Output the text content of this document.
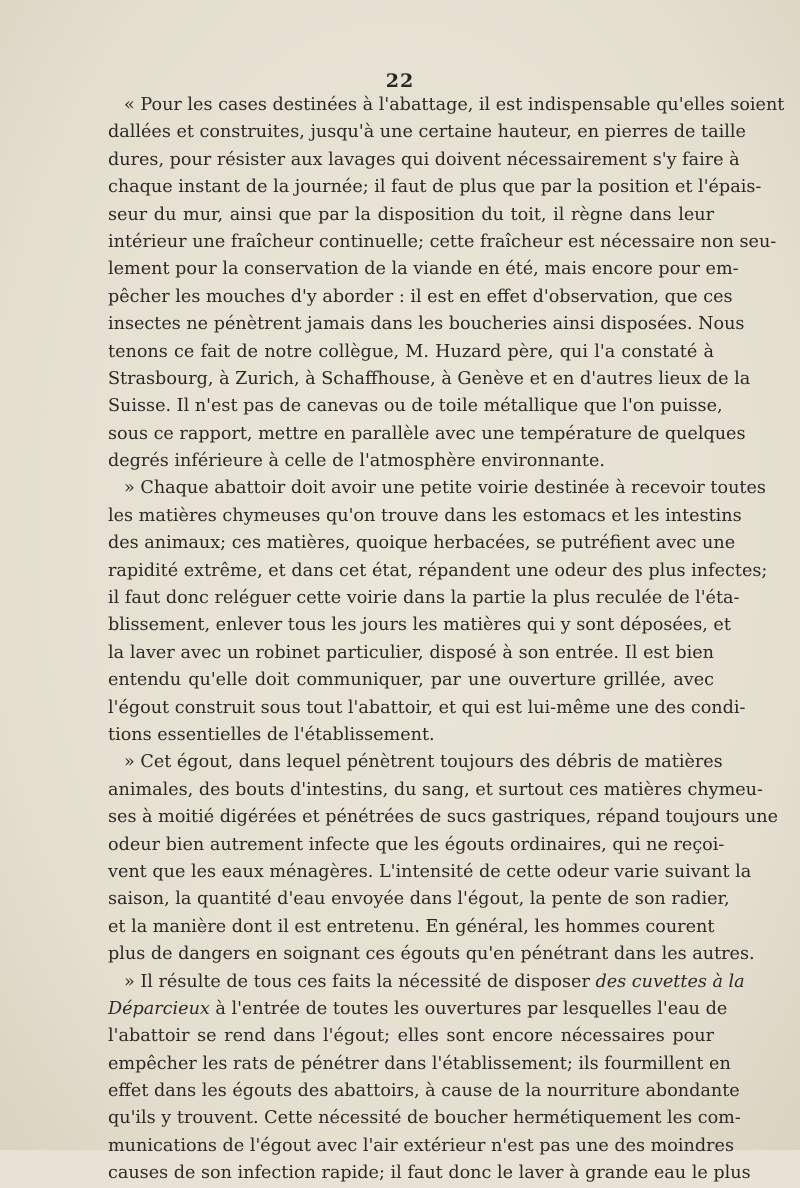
22
« Pour les cases destinées à l'abattage, il est indispensable qu'elles soient
dallées et construites, jusqu'à une certaine hauteur, en pierres de taille
dures, pour résister aux lavages qui doivent nécessairement s'y faire à
chaque instant de la journée; il faut de plus que par la position et l'épais-
seur du mur, ainsi que par la disposition du toit, il règne dans leur
intérieur une fraîcheur continuelle; cette fraîcheur est nécessaire non seu-
lement pour la conservation de la viande en été, mais encore pour em-
pêcher les mouches d'y aborder : il est en effet d'observation, que ces
insectes ne pénètrent jamais dans les boucheries ainsi disposées. Nous
tenons ce fait de notre collègue, M. Huzard père, qui l'a constaté à
Strasbourg, à Zurich, à Schaffhouse, à Genève et en d'autres lieux de la
Suisse. Il n'est pas de canevas ou de toile métallique que l'on puisse,
sous ce rapport, mettre en parallèle avec une température de quelques
degrés inférieure à celle de l'atmosphère environnante.
» Chaque abattoir doit avoir une petite voirie destinée à recevoir toutes
les matières chymeuses qu'on trouve dans les estomacs et les intestins
des animaux; ces matières, quoique herbacées, se putréfient avec une
rapidité extrême, et dans cet état, répandent une odeur des plus infectes;
il faut donc reléguer cette voirie dans la partie la plus reculée de l'éta-
blissement, enlever tous les jours les matières qui y sont déposées, et
la laver avec un robinet particulier, disposé à son entrée. Il est bien
entendu qu'elle doit communiquer, par une ouverture grillée, avec
l'égout construit sous tout l'abattoir, et qui est lui-même une des condi-
tions essentielles de l'établissement.
» Cet égout, dans lequel pénètrent toujours des débris de matières
animales, des bouts d'intestins, du sang, et surtout ces matières chymeu-
ses à moitié digérées et pénétrées de sucs gastriques, répand toujours une
odeur bien autrement infecte que les égouts ordinaires, qui ne reçoi-
vent que les eaux ménagères. L'intensité de cette odeur varie suivant la
saison, la quantité d'eau envoyée dans l'égout, la pente de son radier,
et la manière dont il est entretenu. En général, les hommes courent
plus de dangers en soignant ces égouts qu'en pénétrant dans les autres.
» Il résulte de tous ces faits la nécessité de disposer des cuvettes à la
Déparcieux à l'entrée de toutes les ouvertures par lesquelles l'eau de
l'abattoir se rend dans l'égout; elles sont encore nécessaires pour
empêcher les rats de pénétrer dans l'établissement; ils fourmillent en
effet dans les égouts des abattoirs, à cause de la nourriture abondante
qu'ils y trouvent. Cette nécessité de boucher hermétiquement les com-
munications de l'égout avec l'air extérieur n'est pas une des moindres
causes de son infection rapide; il faut donc le laver à grande eau le plus
